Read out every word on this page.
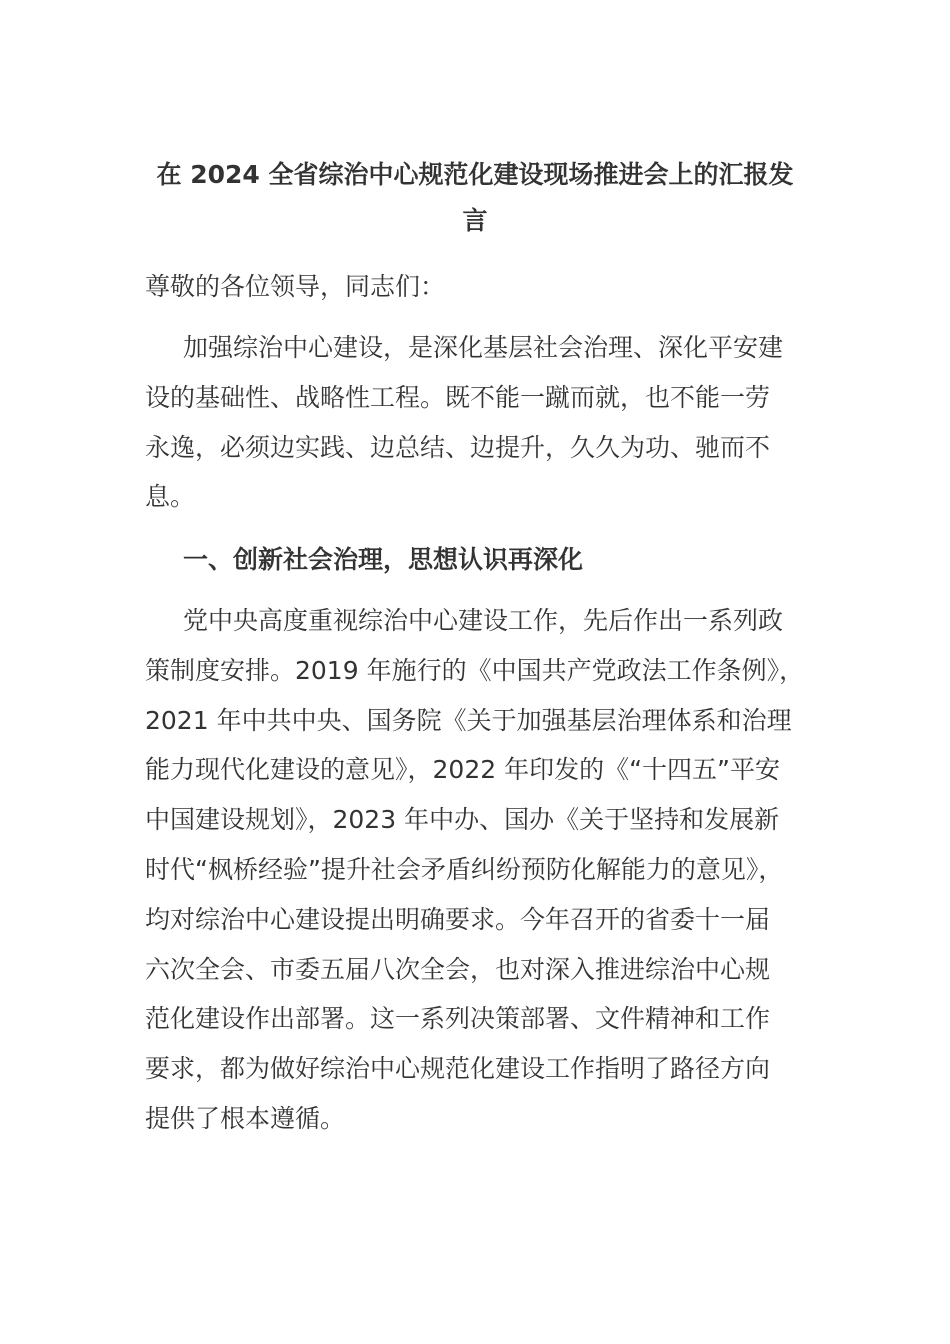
在 2024 全省综治中心规范化建设现场推进会上的汇报发言

尊敬的各位领导，同志们：

加强综治中心建设，是深化基层社会治理、深化平安建
设的基础性、战略性工程。既不能一蹴而就，也不能一劳
永逸，必须边实践、边总结、边提升，久久为功、驰而不
息。

一、创新社会治理，思想认识再深化

党中央高度重视综治中心建设工作，先后作出一系列政
策制度安排。2019 年施行的《中国共产党政法工作条例》，
2021 年中共中央、国务院《关于加强基层治理体系和治理
能力现代化建设的意见》，2022 年印发的《“十四五”平安
中国建设规划》，2023 年中办、国办《关于坚持和发展新
时代“枫桥经验”提升社会矛盾纠纷预防化解能力的意见》，
均对综治中心建设提出明确要求。今年召开的省委十一届
六次全会、市委五届八次全会，也对深入推进综治中心规
范化建设作出部署。这一系列决策部署、文件精神和工作
要求，都为做好综治中心规范化建设工作指明了路径方向
提供了根本遵循。
